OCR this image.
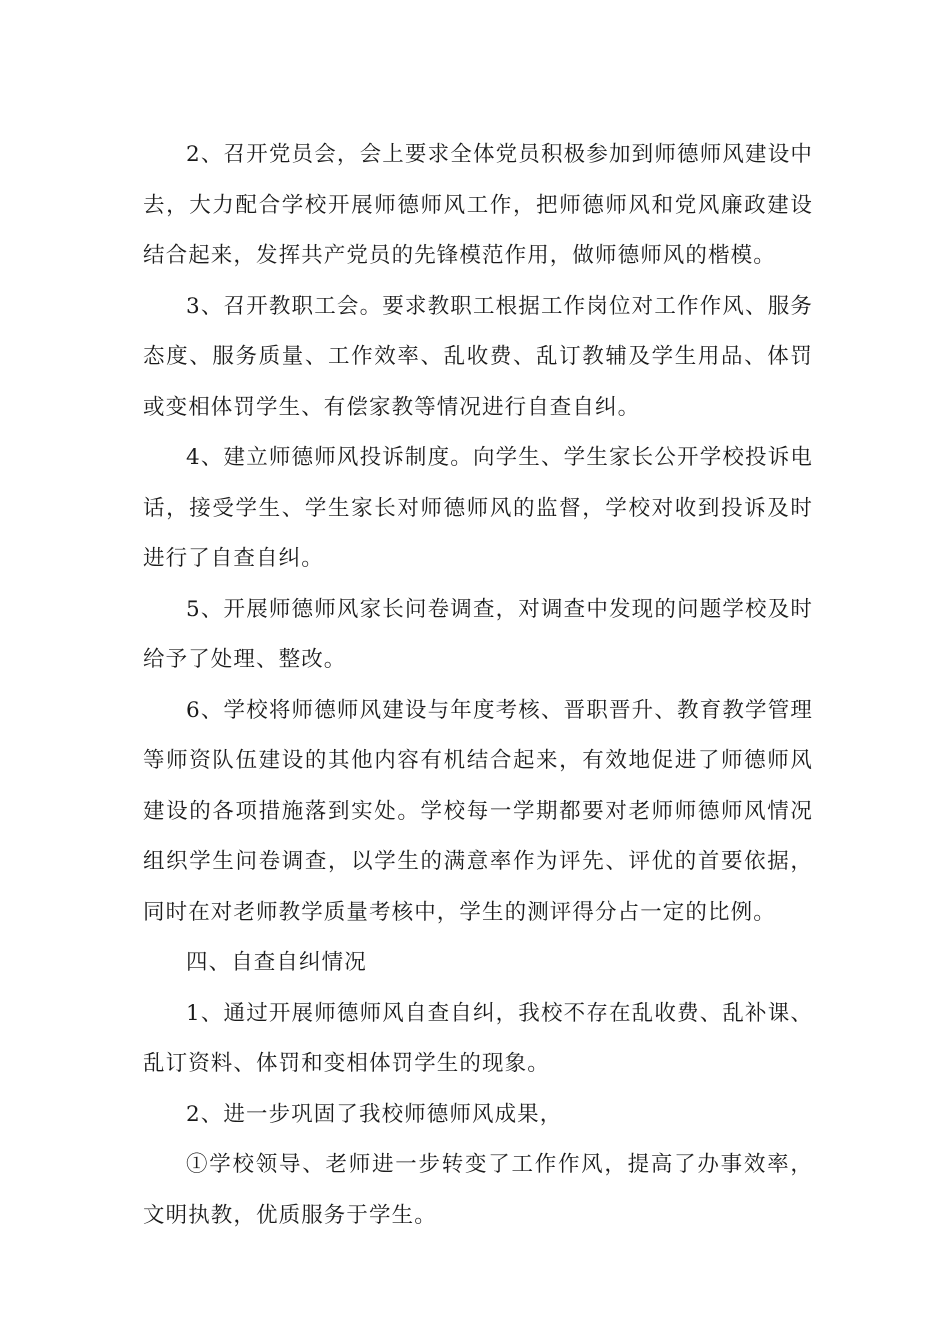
2、召开党员会，会上要求全体党员积极参加到师德师风建设中去，大力配合学校开展师德师风工作，把师德师风和党风廉政建设结合起来，发挥共产党员的先锋模范作用，做师德师风的楷模。

3、召开教职工会。要求教职工根据工作岗位对工作作风、服务态度、服务质量、工作效率、乱收费、乱订教辅及学生用品、体罚或变相体罚学生、有偿家教等情况进行自查自纠。

4、建立师德师风投诉制度。向学生、学生家长公开学校投诉电话，接受学生、学生家长对师德师风的监督，学校对收到投诉及时进行了自查自纠。

5、开展师德师风家长问卷调查，对调查中发现的问题学校及时给予了处理、整改。

6、学校将师德师风建设与年度考核、晋职晋升、教育教学管理等师资队伍建设的其他内容有机结合起来，有效地促进了师德师风建设的各项措施落到实处。学校每一学期都要对老师师德师风情况组织学生问卷调查，以学生的满意率作为评先、评优的首要依据，同时在对老师教学质量考核中，学生的测评得分占一定的比例。

四、自查自纠情况

1、通过开展师德师风自查自纠，我校不存在乱收费、乱补课、乱订资料、体罚和变相体罚学生的现象。

2、进一步巩固了我校师德师风成果，

①学校领导、老师进一步转变了工作作风，提高了办事效率，文明执教，优质服务于学生。
